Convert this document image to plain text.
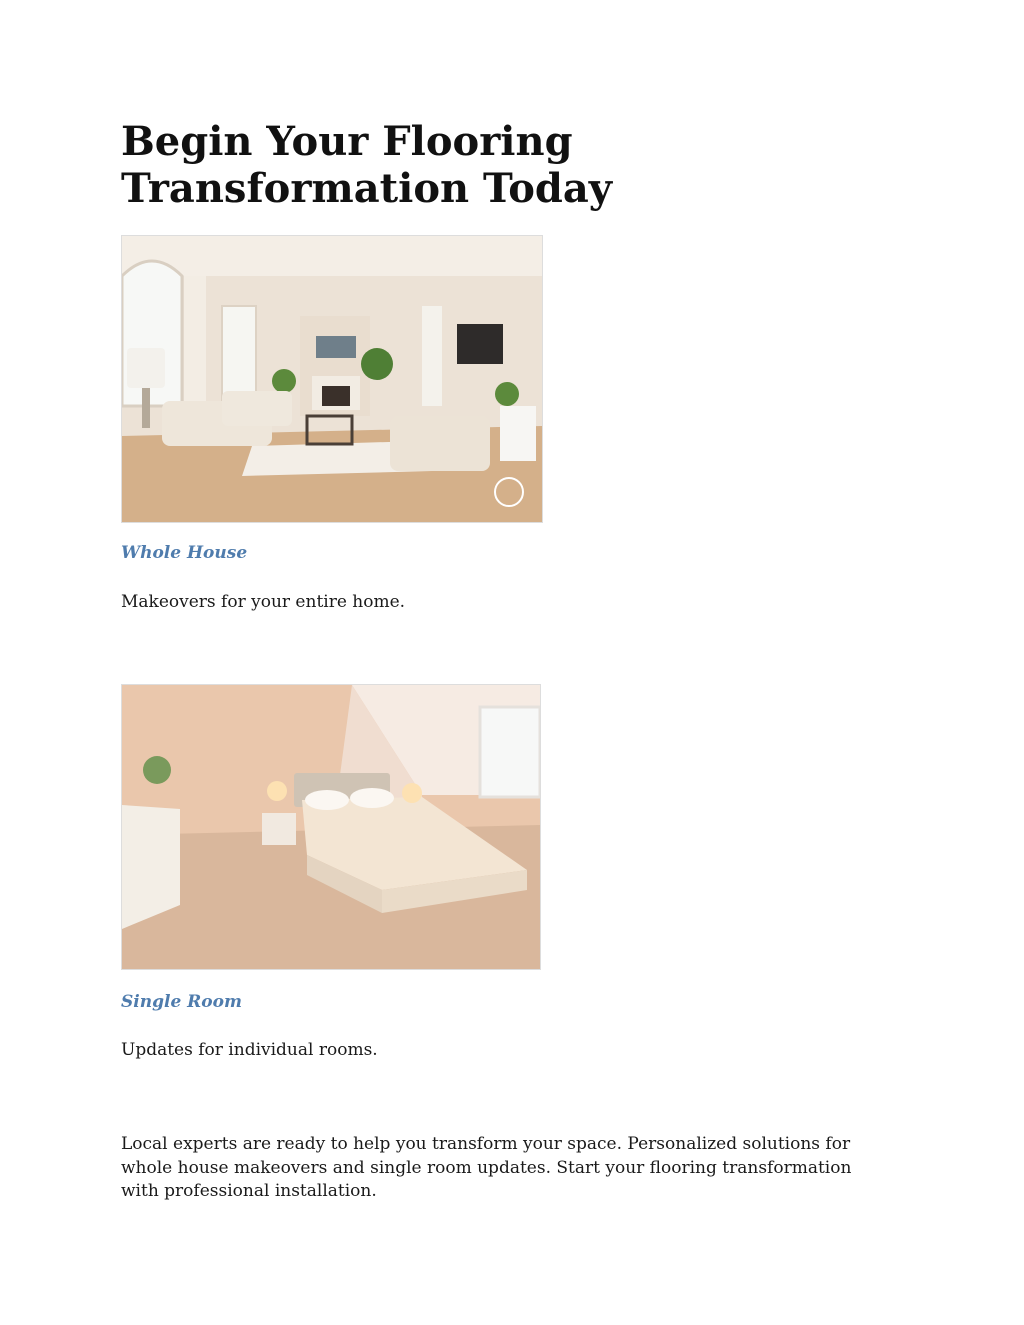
Begin Your Flooring Transformation Today
Whole House

Makeovers for your entire home.

Single Room

Updates for individual rooms.

Local experts are ready to help you transform your space. Personalized solutions for whole house makeovers and single room updates. Start your flooring transformation with professional installation.
